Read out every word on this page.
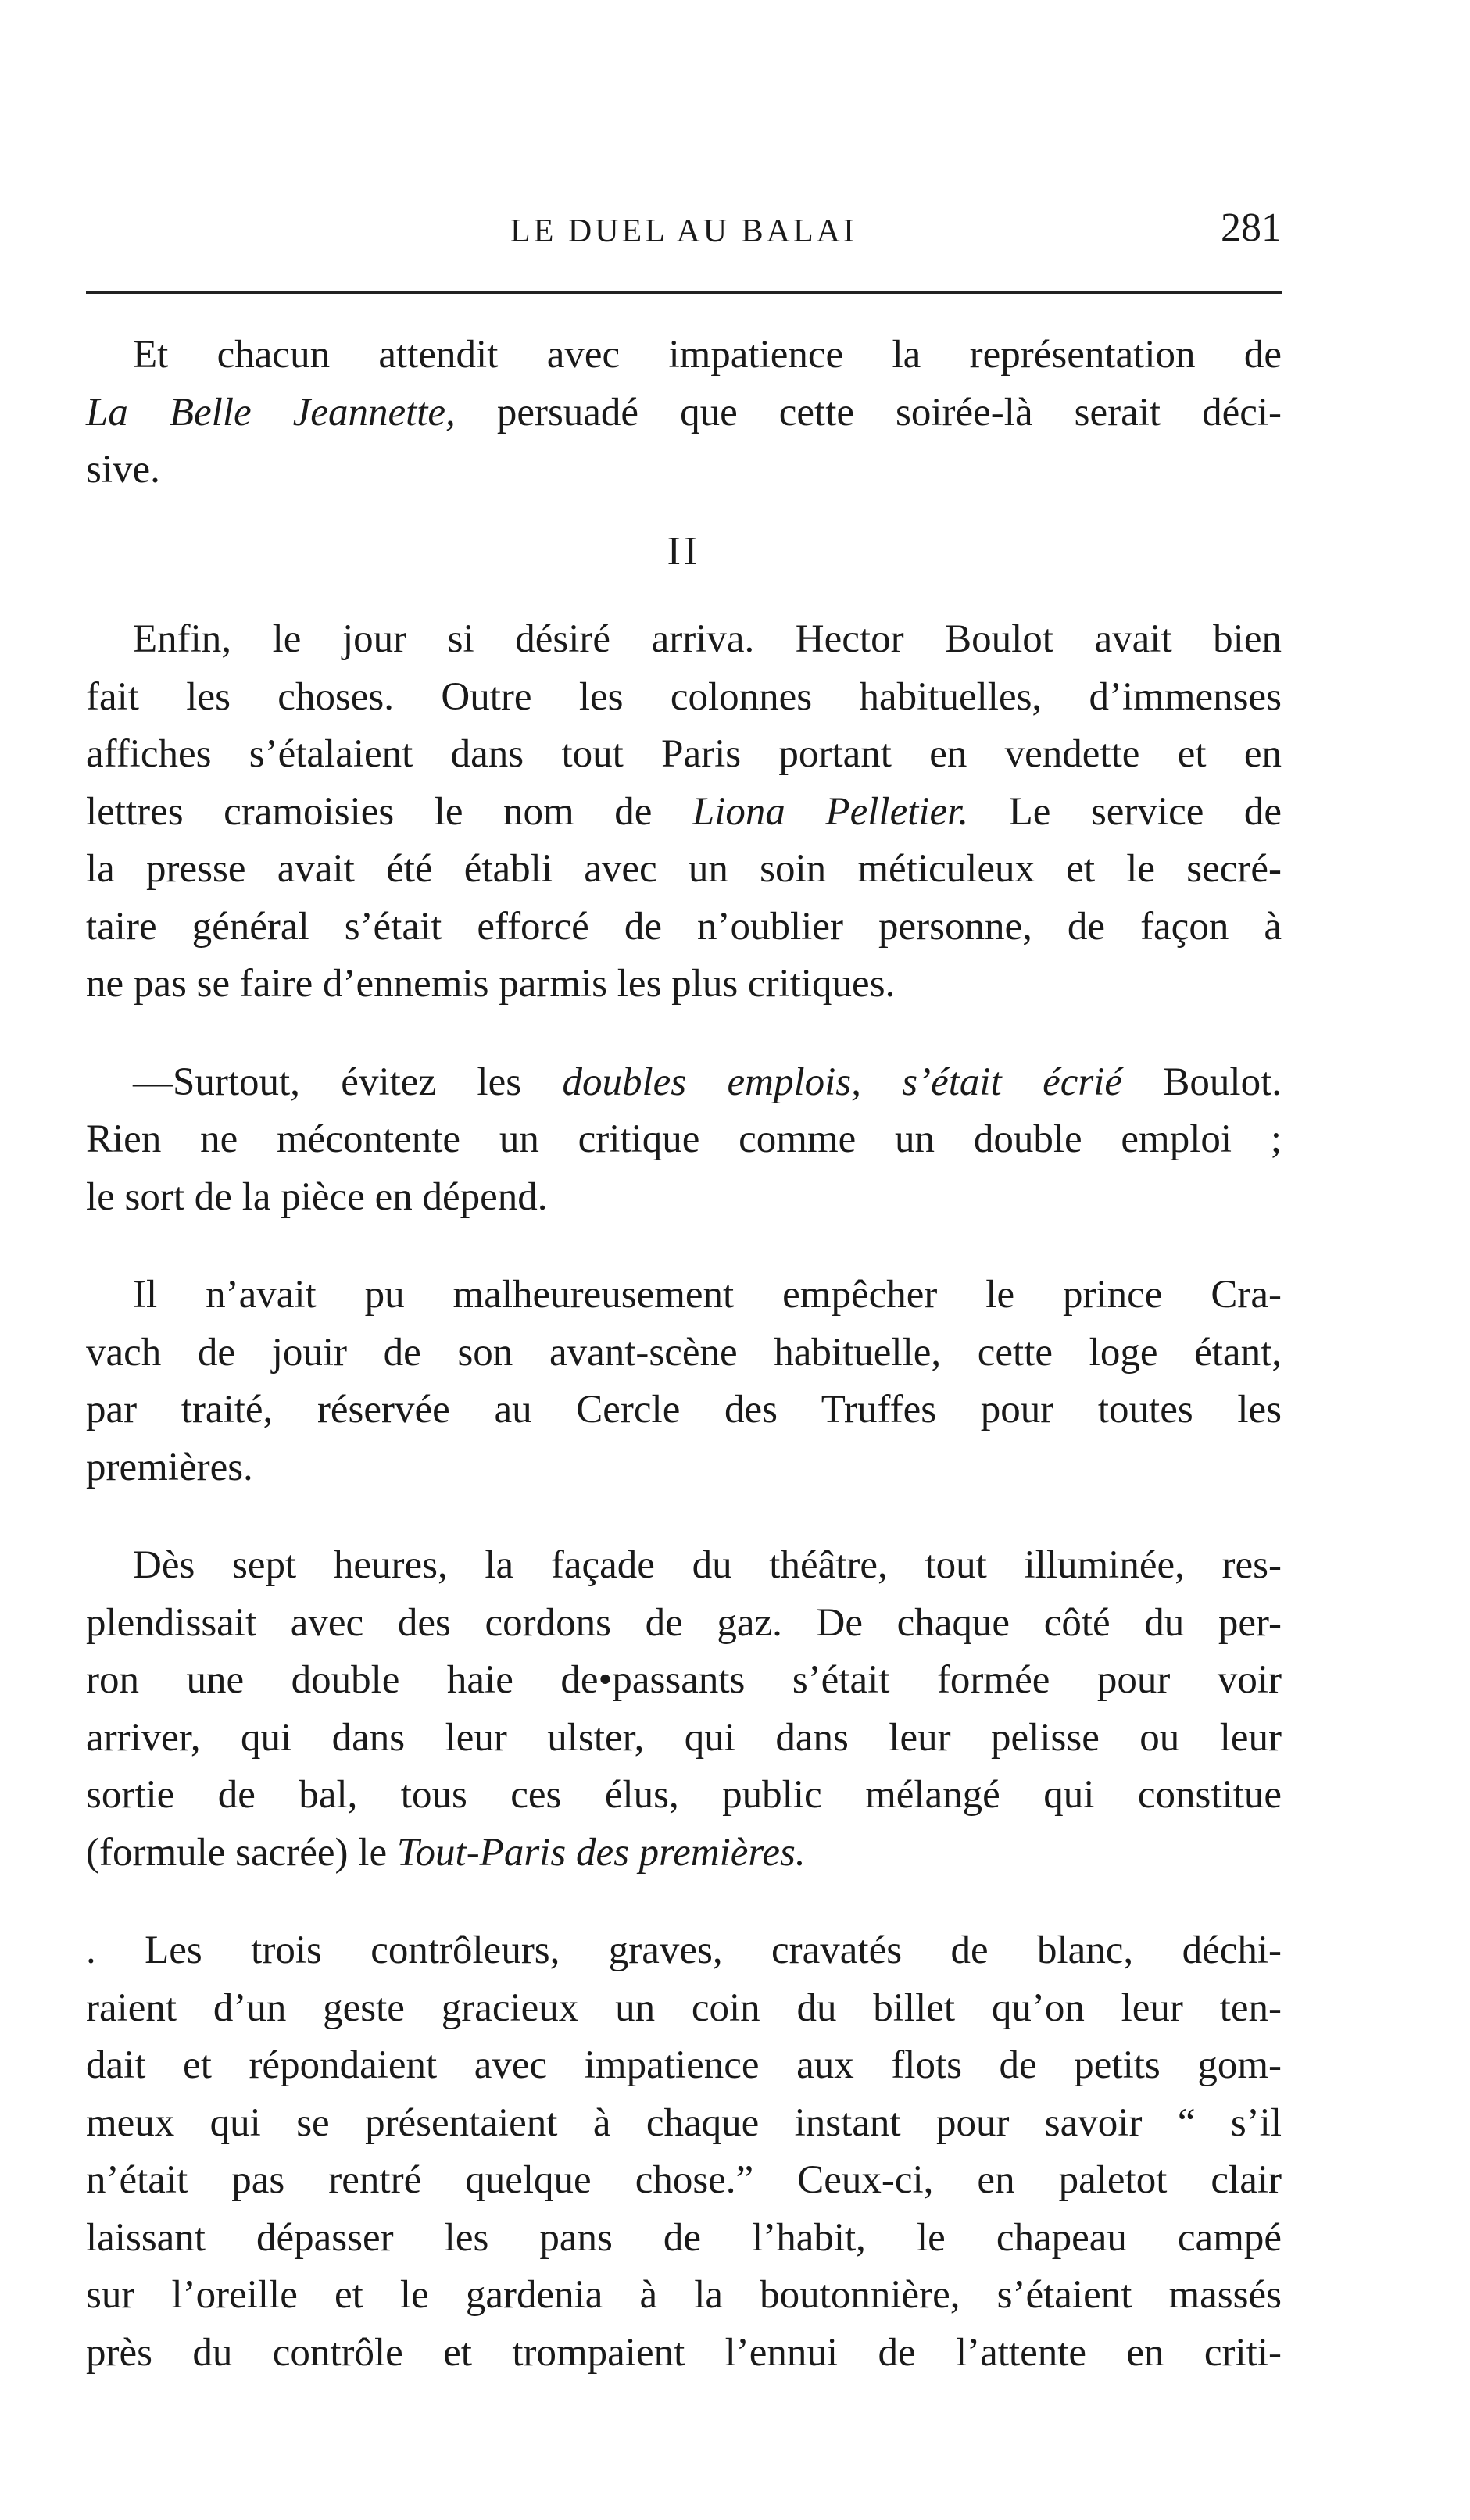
LE DUEL AU BALAI	281

Et chacun attendit avec impatience la représentation de
La Belle Jeannette, persuadé que cette soirée-là serait déci-
sive.

II

Enfin, le jour si désiré arriva. Hector Boulot avait bien
fait les choses. Outre les colonnes habituelles, d’immenses
affiches s’étalaient dans tout Paris portant en vendette et en
lettres cramoisies le nom de Liona Pelletier. Le service de
la presse avait été établi avec un soin méticuleux et le secré-
taire général s’était efforcé de n’oublier personne, de façon à
ne pas se faire d’ennemis parmis les plus critiques.

—Surtout, évitez les doubles emplois, s’était écrié Boulot.
Rien ne mécontente un critique comme un double emploi ;
le sort de la pièce en dépend.

Il n’avait pu malheureusement empêcher le prince Cra-
vach de jouir de son avant-scène habituelle, cette loge étant,
par traité, réservée au Cercle des Truffes pour toutes les
premières.

Dès sept heures, la façade du théâtre, tout illuminée, res-
plendissait avec des cordons de gaz. De chaque côté du per-
ron une double haie de•passants s’était formée pour voir
arriver, qui dans leur ulster, qui dans leur pelisse ou leur
sortie de bal, tous ces élus, public mélangé qui constitue
(formule sacrée) le Tout-Paris des premières.

. Les trois contrôleurs, graves, cravatés de blanc, déchi-
raient d’un geste gracieux un coin du billet qu’on leur ten-
dait et répondaient avec impatience aux flots de petits gom-
meux qui se présentaient à chaque instant pour savoir “ s’il
n’était pas rentré quelque chose.” Ceux-ci, en paletot clair
laissant dépasser les pans de l’habit, le chapeau campé
sur l’oreille et le gardenia à la boutonnière, s’étaient massés
près du contrôle et trompaient l’ennui de l’attente en criti-
